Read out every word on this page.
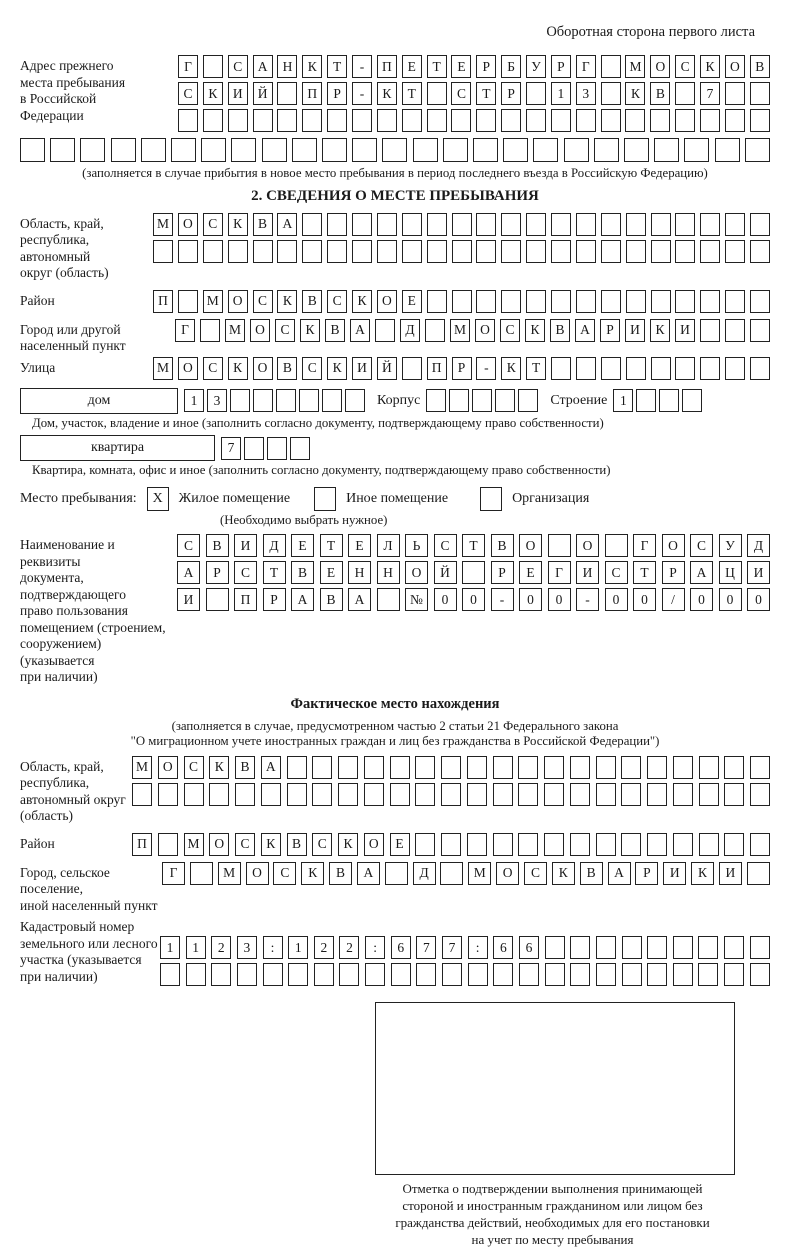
Оборотная сторона первого листа
Адрес прежнего
места пребывания
в Российской
Федерации
Г	С	А	Н	К	Т	-	П	Е	Т	Е	Р	Б	У	Р	Г	М	О	С	К	О	В
С	К	И	Й	П	Р	-	К	Т	С	Т	Р	1	3	К	В	7
(заполняется в случае прибытия в новое место пребывания в период последнего въезда в Российскую Федерацию)
2. СВЕДЕНИЯ О МЕСТЕ ПРЕБЫВАНИЯ
Область, край,
республика,
автономный
округ (область)
М	О	С	К	В	А
Район	П	М	О	С	К	В	С	К	О	Е
Город или другой
населенный пункт
Г	М	О	С	К	В	А	Д	М	О	С	К	В	А	Р	И	К	И
Улица	М	О	С	К	О	В	С	К	И	Й	П	Р	-	К	Т
дом	1	3	Корпус	Строение 1
Дом, участок, владение и иное (заполнить согласно документу, подтверждающему право собственности)
квартира	7
Квартира, комната, офис и иное (заполнить согласно документу, подтверждающему право собственности)
Место пребывания:	X	Жилое помещение	Иное помещение	Организация
(Необходимо выбрать нужное)
Наименование и реквизиты
документа, подтверждающего
право пользования
помещением (строением,
сооружением) (указывается
при наличии)
С	В	И	Д	Е	Т	Е	Л	Ь	С	Т	В	О	О	Г	О	С	У	Д
А	Р	С	Т	В	Е	Н	Н	О	Й	Р	Е	Г	И	С	Т	Р	А	Ц	И
И	П	Р	А	В	А	№	0	0	-	0	0	-	0	0	/	0	0	0
Фактическое место нахождения
(заполняется в случае, предусмотренном частью 2 статьи 21 Федерального закона
"О миграционном учете иностранных граждан и лиц без гражданства в Российской Федерации")
Область, край,
республика,
автономный округ
(область)
М	О	С	К	В	А
Район	П	М	О	С	К	В	С	К	О	Е
Город, сельское поселение,
иной населенный пункт
Г	М	О	С	К	В	А	Д	М	О	С	К	В	А	Р	И	К	И
Кадастровый номер
земельного или лесного
участка (указывается
при наличии)
1	1	2	3	:	1	2	2	:	6	7	7	:	6	6
Отметка о подтверждении выполнения принимающей
стороной и иностранным гражданином или лицом без
гражданства действий, необходимых для его постановки
на учет по месту пребывания
